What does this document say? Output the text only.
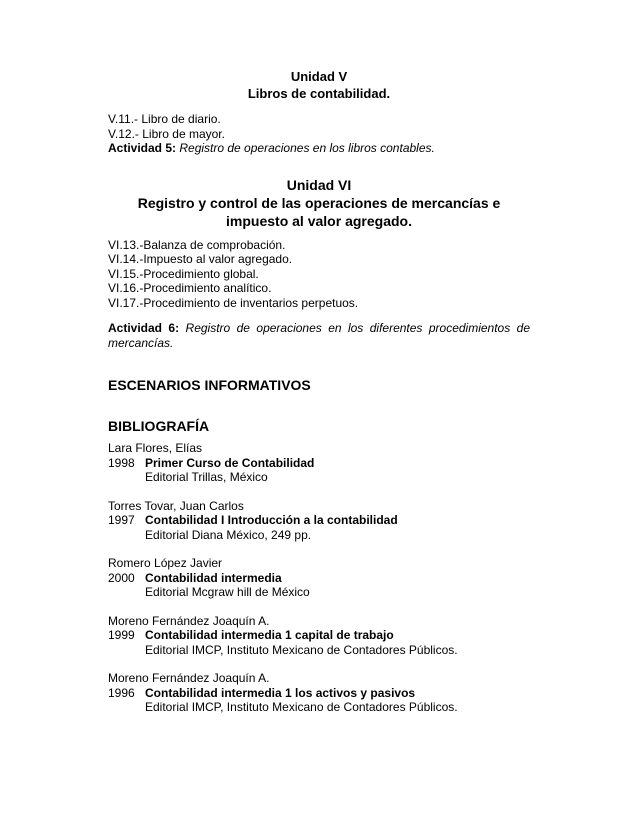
Unidad V
Libros de contabilidad.
V.11.- Libro de diario.
V.12.- Libro de mayor.
Actividad 5: Registro de operaciones en los libros contables.
Unidad VI
Registro y control de las operaciones de mercancías e
impuesto al valor agregado.
VI.13.-Balanza de comprobación.
VI.14.-Impuesto al valor agregado.
VI.15.-Procedimiento global.
VI.16.-Procedimiento analítico.
VI.17.-Procedimiento de inventarios perpetuos.
Actividad 6: Registro de operaciones en los diferentes procedimientos de mercancías.
ESCENARIOS INFORMATIVOS
BIBLIOGRAFÍA
Lara Flores, Elías
1998 Primer Curso de Contabilidad
Editorial Trillas, México
Torres Tovar, Juan Carlos
1997 Contabilidad I Introducción a la contabilidad
Editorial Diana México, 249 pp.
Romero López Javier
2000 Contabilidad intermedia
Editorial Mcgraw hill de México
Moreno Fernández Joaquín A.
1999 Contabilidad intermedia 1 capital de trabajo
Editorial IMCP, Instituto Mexicano de Contadores Públicos.
Moreno Fernández Joaquín A.
1996 Contabilidad intermedia 1 los activos y pasivos
Editorial IMCP, Instituto Mexicano de Contadores Públicos.
